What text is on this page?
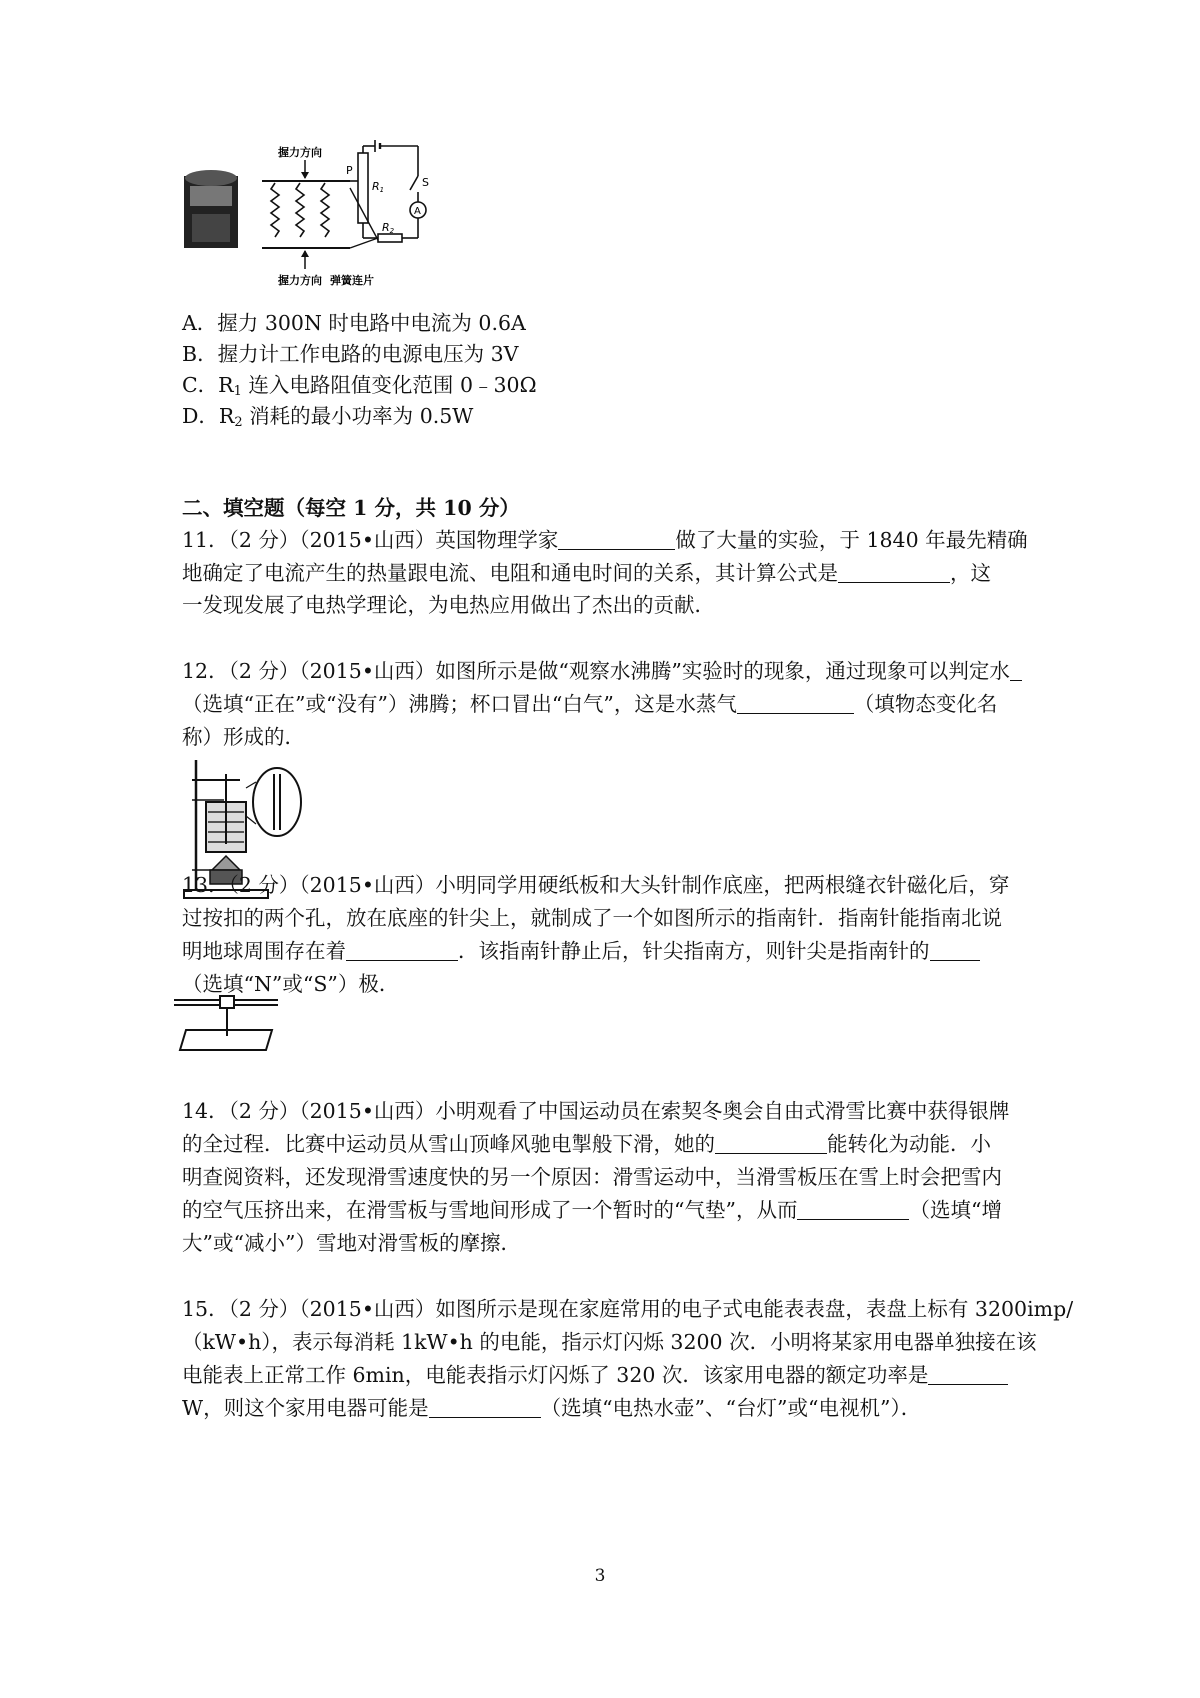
握力方向
握力方向 弹簧连片
P
R1
R2
S
A
A．握力 300N 时电路中电流为 0.6A
B．握力计工作电路的电源电压为 3V
C．$R_1$ 连入电路阻值变化范围 0﹣30Ω
D．$R_2$ 消耗的最小功率为 0.5W
二、填空题（每空 1 分，共 10 分）
11．（2 分）（2015•山西）英国物理学家	做了大量的实验，于 1840 年最先精确
地确定了电流产生的热量跟电流、电阻和通电时间的关系，其计算公式是	，这
一发现发展了电热学理论，为电热应用做出了杰出的贡献．
12．（2 分）（2015•山西）如图所示是做“观察水沸腾”实验时的现象，通过现象可以判定水
（选填“正在”或“没有”）沸腾；杯口冒出“白气”，这是水蒸气	（填物态变化名
称）形成的．
13．（2 分）（2015•山西）小明同学用硬纸板和大头针制作底座，把两根缝衣针磁化后，穿
过按扣的两个孔，放在底座的针尖上，就制成了一个如图所示的指南针．指南针能指南北说
明地球周围存在着	．该指南针静止后，针尖指南方，则针尖是指南针的
（选填“N”或“S”）极．
14．（2 分）（2015•山西）小明观看了中国运动员在索契冬奥会自由式滑雪比赛中获得银牌
的全过程．比赛中运动员从雪山顶峰风驰电掣般下滑，她的	能转化为动能．小
明查阅资料，还发现滑雪速度快的另一个原因：滑雪运动中，当滑雪板压在雪上时会把雪内
的空气压挤出来，在滑雪板与雪地间形成了一个暂时的“气垫”，从而	（选填“增
大”或“减小”）雪地对滑雪板的摩擦．
15．（2 分）（2015•山西）如图所示是现在家庭常用的电子式电能表表盘，表盘上标有 3200imp/
（kW•h），表示每消耗 1kW•h 的电能，指示灯闪烁 3200 次．小明将某家用电器单独接在该
电能表上正常工作 6min，电能表指示灯闪烁了 320 次．该家用电器的额定功率是
W，则这个家用电器可能是	（选填“电热水壶”、“台灯”或“电视机”）．
3
